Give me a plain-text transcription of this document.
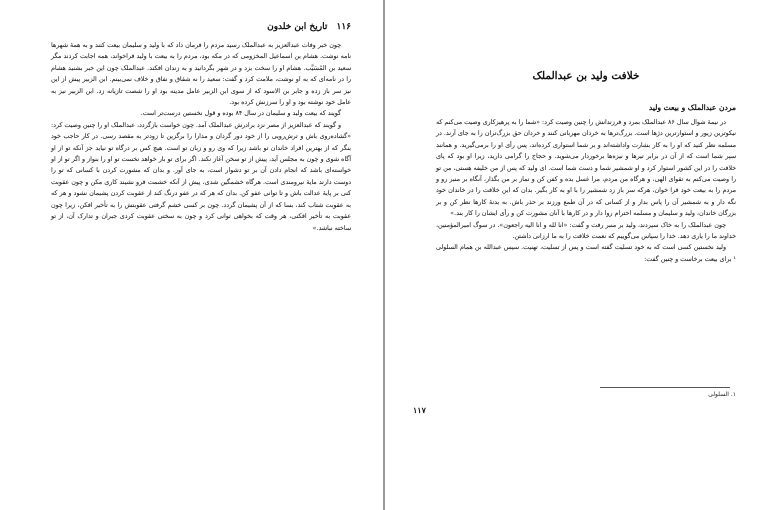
۱۱۶ تاریخ ابن خلدون

چون خبر وفات عبدالعزیز به عبدالملک رسید مردم را فرمان داد که با ولید و سلیمان بیعت کنند و به همهٔ شهرها نامه نوشت. هشام بن اسماعیل المخزومی که در مکه بود، مردم را به بیعت با ولید فراخواند، همه اجابت کردند مگر سعید بن المُسَیَّب. هشام او را سخت بزد و در شهر بگردانید و به زندان افکند. عبدالملک چون این خبر بشنید هشام را در نامه‌ای که به او نوشت، ملامت کرد و گفت: سعید را نه شقاق و نفاق و خلاف نمی‌بینم. ابن الزبیر پیش از این نیز سر باز زده و جابر بن الاسود که از سوی ابن الزبیر عامل مدینه بود او را شصت تازیانه زد. ابن الزبیر نیز به عامل خود نوشته بود و او را سرزنش کرده بود.

گویند که بیعت ولید و سلیمان در سال ۸۴ بوده و قول نخستین درست‌تر است.

و گویند که عبدالعزیز از مصر نزد برادرش عبدالملک آمد. چون خواست بازگردد، عبدالملک او را چنین وصیت کرد: «گشاده‌روی باش و ترش‌رویی را از خود دور گردان و مدارا را برگزین تا زودتر به مقصد رسی. در کار حاجب خود بنگر که از بهترین افراد خاندان تو باشد زیرا که وی رو و زبان تو است. هیچ کس بر درگاه تو نیاید جز آنکه تو از او آگاه شوی و چون به مجلس آید، پیش از تو سخن آغاز نکند. اگر برای تو بار خواهد نخست تو او را بنواز و اگر تو از او خواسته‌ای باشد که انجام دادن آن بر تو دشوار است، به جای آور. و بدان که مشورت کردن با کسانی که تو را دوست دارند مایهٔ نیرومندی است. هرگاه خشمگین شدی، پیش از آنکه خشمت فرو نشیند کاری مکن و چون عقوبت کنی بر پایهٔ عدالت باش و تا توانی عفو کن. بدان که هر که در عفو درنگ کند از عقوبت کردن پشیمان نشود و هر که به عقوبت شتاب کند، بسا که از آن پشیمان گردد. چون بر کسی خشم گرفتی عقوبتش را به تأخیر افکن، زیرا چون عقوبت به تأخیر افکنی، هر وقت که بخواهی توانی کرد و چون به سختی عقوبت کردی جبران و تدارک آن، از تو ساخته نباشد.»

خلافت ولید بن عبدالملک
مردن عبدالملک و بیعت ولید

در نیمهٔ شوال سال ۸۶ عبدالملک بمرد و فرزندانش را چنین وصیت کرد: «شما را به پرهیزکاری وصیت می‌کنم که نیکوترین زیور و استوارترین دژها است. بزرگ‌ترها به خردان مهربانی کنند و خردان حق بزرگ‌تران را به جای آرند. در مسلمه نظر کنید که او را به کار بشارت واداشته‌اند و بر شما استواری کرده‌اند، پس رأی او را برمی‌گیرید. و همانند سپر شما است که از آن در برابر تیرها و نیزه‌ها برخوردار می‌شوید. و حجاج را گرامی دارید، زیرا او بود که پای خلافت را در این کشور استوار کرد و او شمشیر شما و دست شما است. ای ولید که پس از من خلیفه هستی، من تو را وصیت می‌کنم به تقوای الهی، و هرگاه من مردم، مرا غسل بده و کفن کن و نماز بر من بگذار، آنگاه بر منبر رو و مردم را به بیعت خود فرا خوان، هرکه سر باز زد شمشیر را با او به کار بگیر. بدان که این خلافت را در خاندان خود نگه دار و به شمشیر آن را پاس بدار و از کسانی که در آن طمع ورزند بر حذر باش. به بدنهٔ کارها نظر کن و بر بزرگان خاندان، ولید و سلیمان و مسلمه احترام روا دار و در کارها با آنان مشورت کن و رأی ایشان را کار بند.»

چون عبدالملک را به خاک سپردند، ولید بر منبر رفت و گفت: «انا لله و انا الیه راجعون». در سوگ امیرالمؤمنین، خداوند ما را یاری دهد. خدا را سپاس می‌گوییم که نعمت خلافت را به ما ارزانی داشتن.

ولید نخستین کسی است که به خود تسلیت گفته است و پس از تسلیت، تهنیت. سپس عبدالله بن همام السلولی ¹ برای بیعت برخاست و چنین گفت:

۱. السلولی
۱۱۷
